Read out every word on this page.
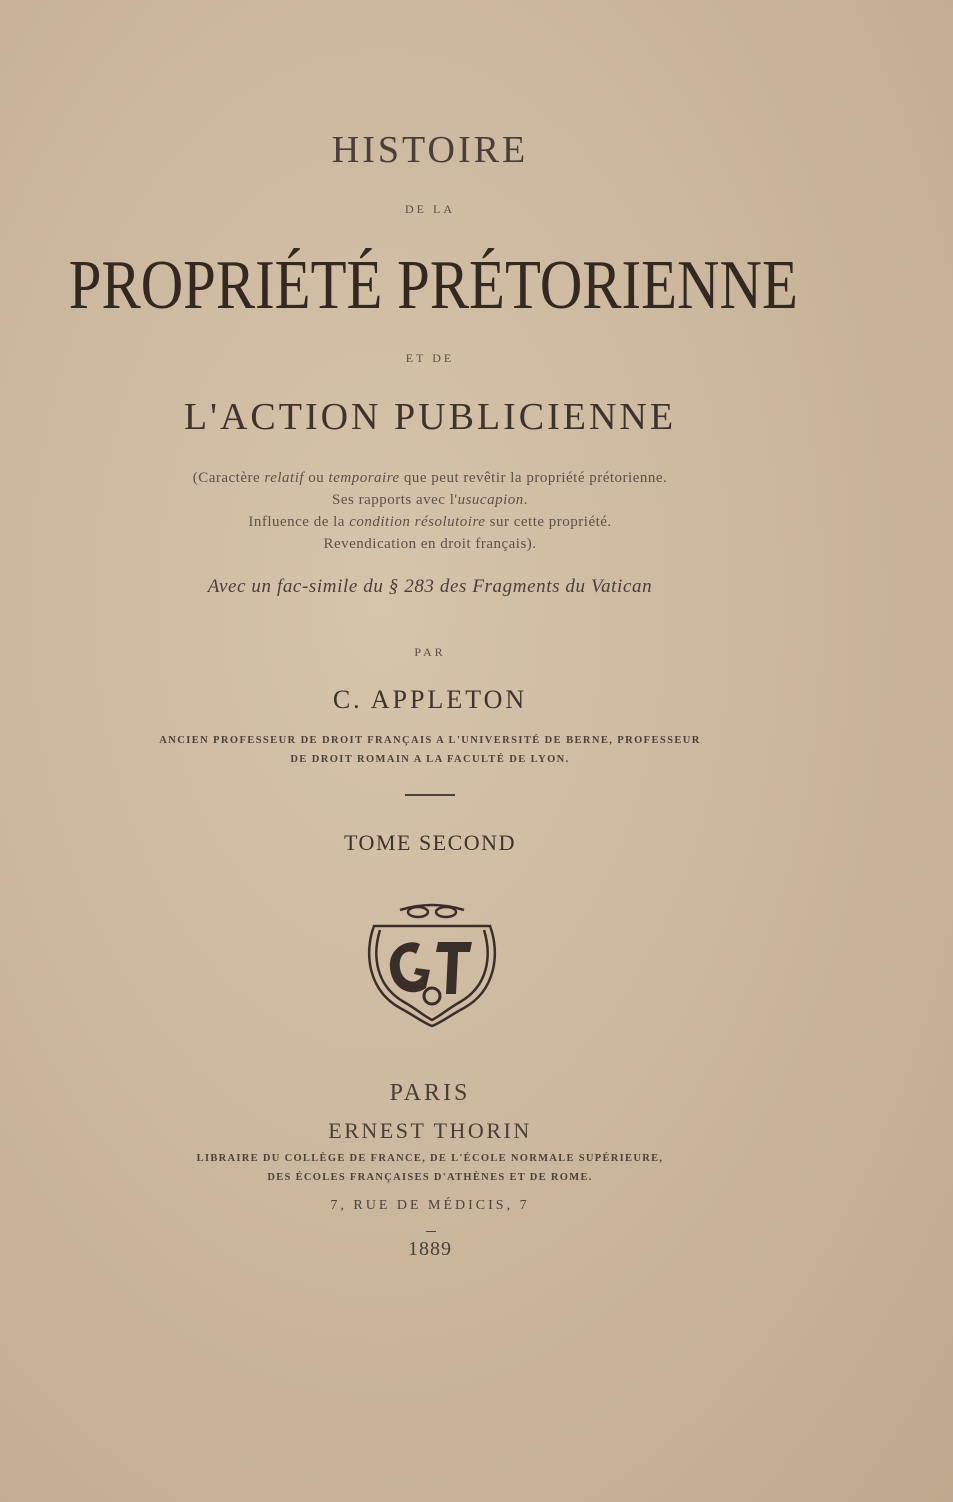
HISTOIRE
DE LA
PROPRIÉTÉ PRÉTORIENNE
ET DE
L'ACTION PUBLICIENNE
(Caractère relatif ou temporaire que peut revêtir la propriété prétorienne.
Ses rapports avec l'usucapion.
Influence de la condition résolutoire sur cette propriété.
Revendication en droit français).
Avec un fac-simile du § 283 des Fragments du Vatican
PAR
C. APPLETON
ANCIEN PROFESSEUR DE DROIT FRANÇAIS A L'UNIVERSITÉ DE BERNE, PROFESSEUR
DE DROIT ROMAIN A LA FACULTÉ DE LYON.
TOME SECOND
PARIS
ERNEST THORIN
LIBRAIRE DU COLLÈGE DE FRANCE, DE L'ÉCOLE NORMALE SUPÉRIEURE,
DES ÉCOLES FRANÇAISES D'ATHÈNES ET DE ROME.
7, RUE DE MÉDICIS, 7
1889
